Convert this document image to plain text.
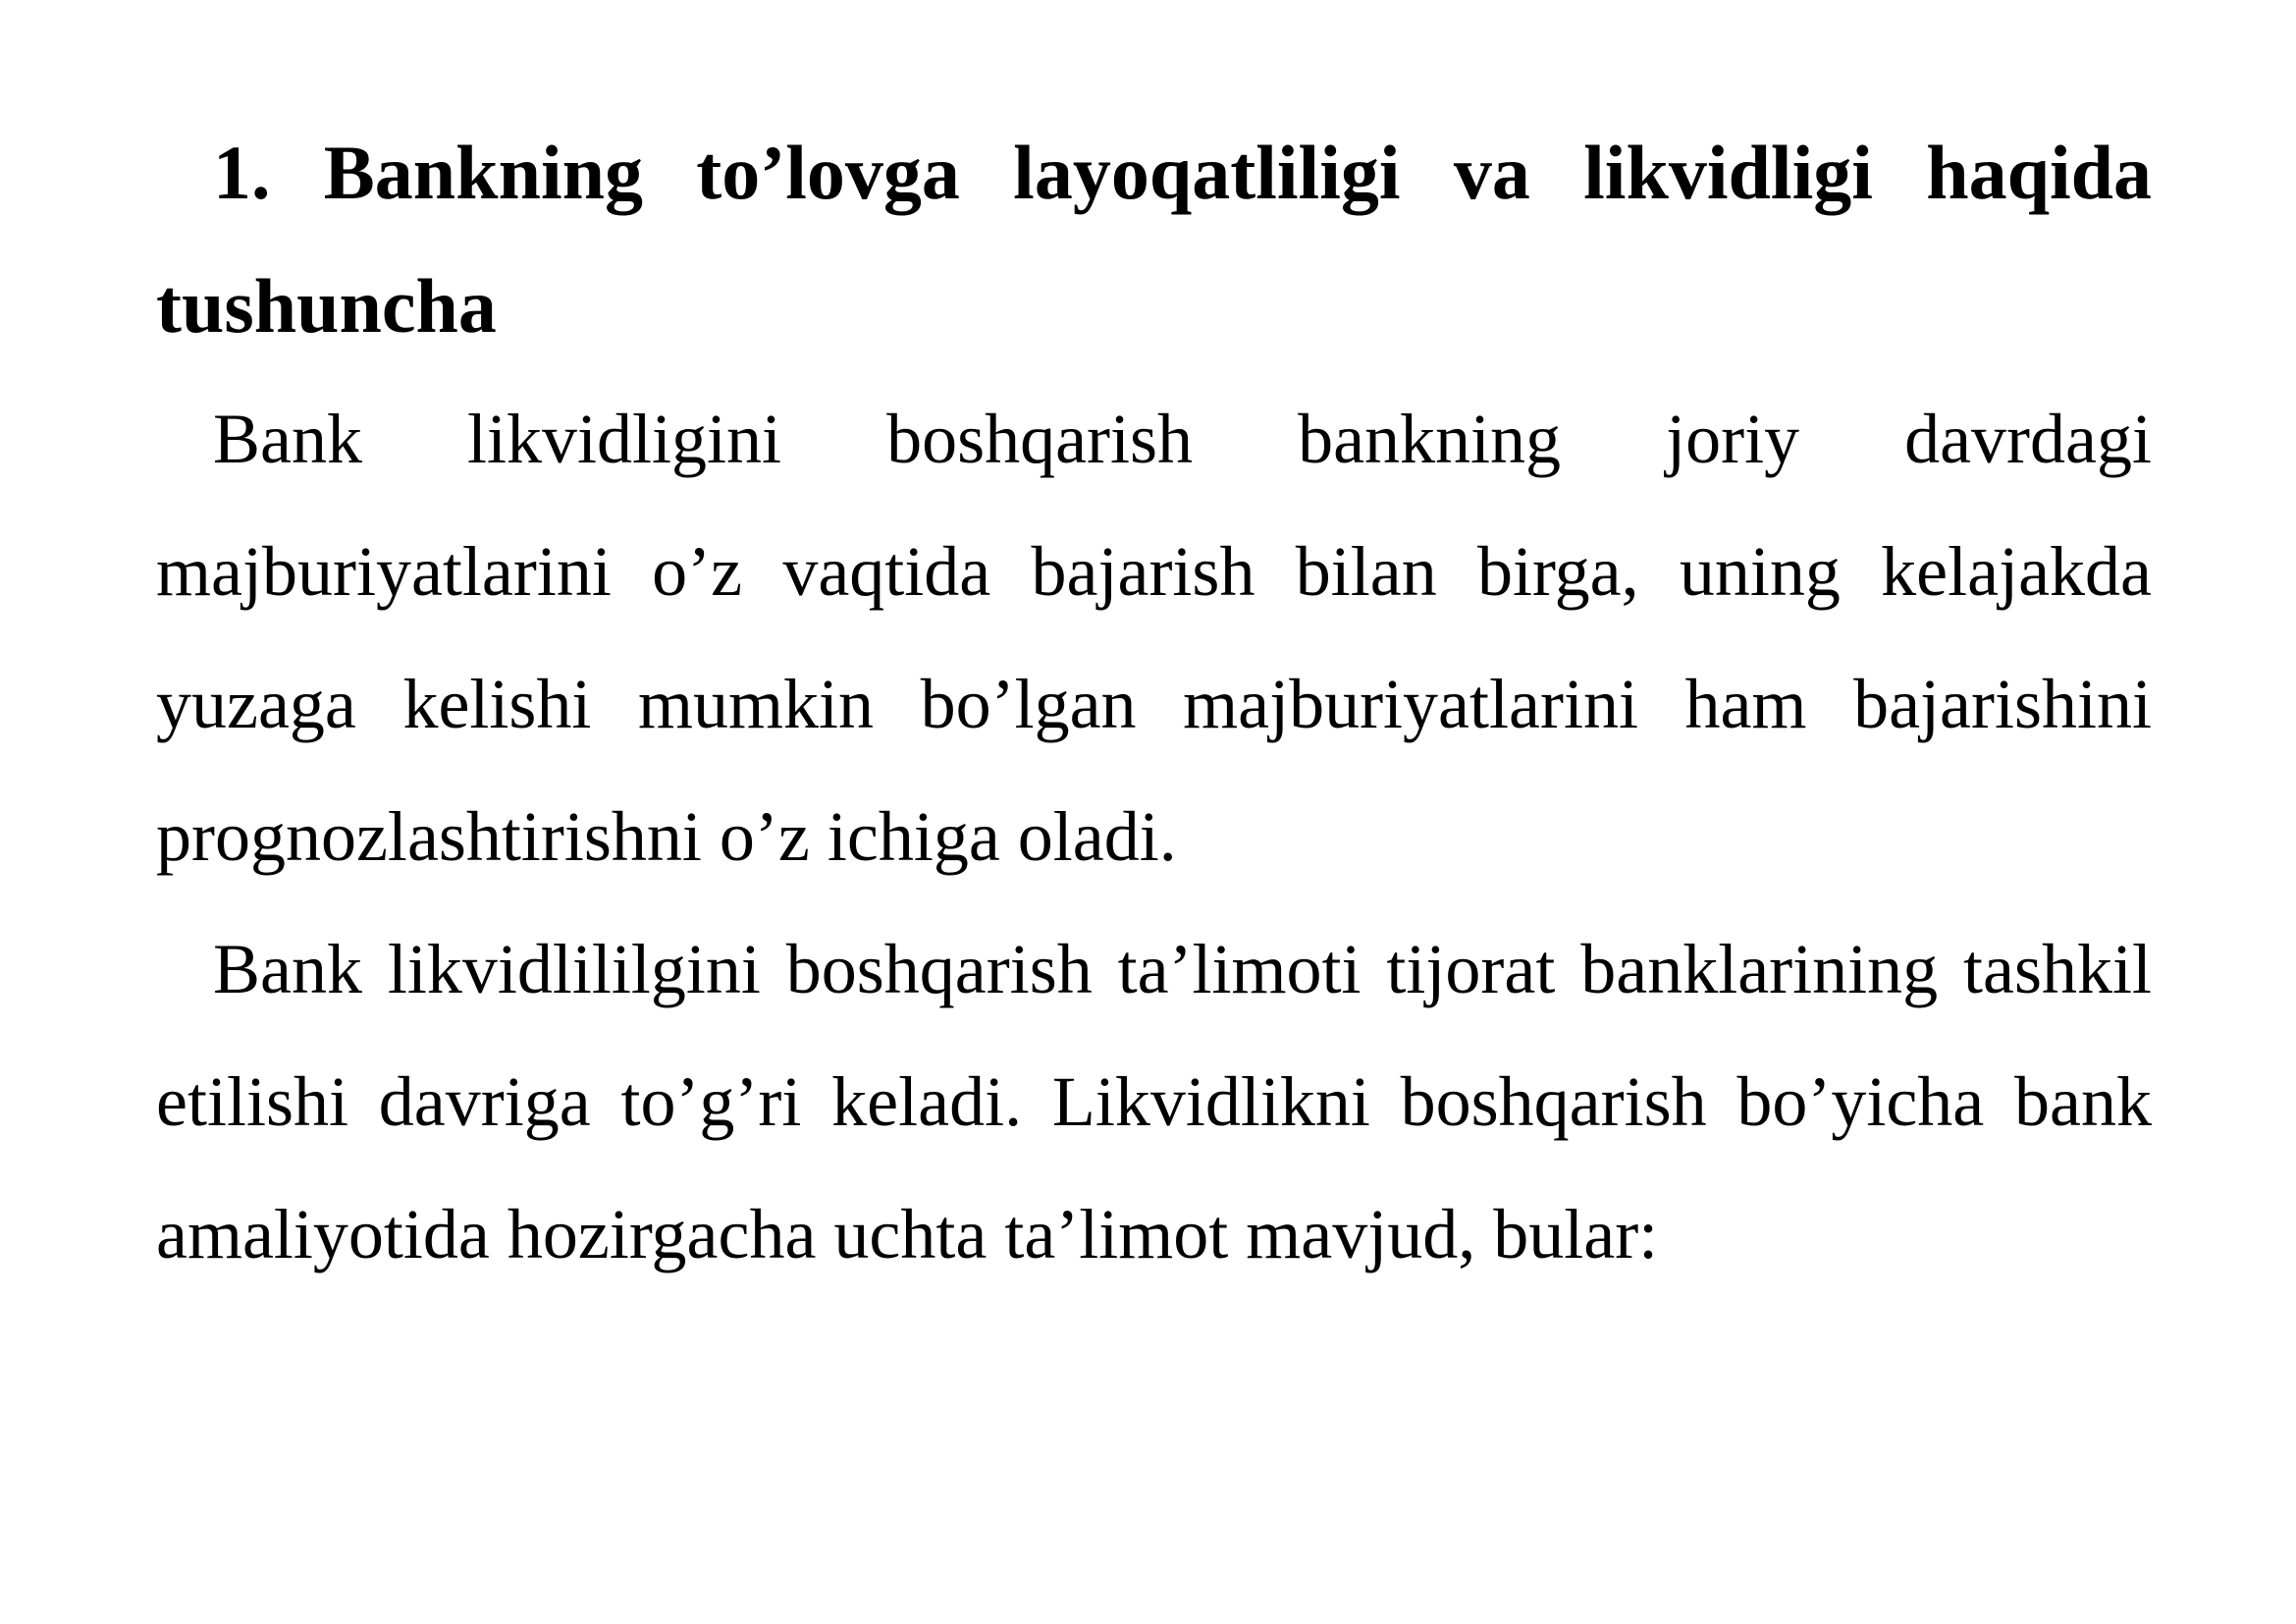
1. Bankning to’lovga layoqatliligi va likvidligi haqida tushuncha

Bank likvidligini boshqarish bankning joriy davrdagi majburiyatlarini o’z vaqtida bajarish bilan birga, uning kelajakda yuzaga kelishi mumkin bo’lgan majburiyatlarini ham bajarishini prognozlashtirishni o’z ichiga oladi.

Bank likvidlililgini boshqarish ta’limoti tijorat banklarining tashkil etilishi davriga to’g’ri keladi. Likvidlikni boshqarish bo’yicha bank amaliyotida hozirgacha uchta ta’limot mavjud, bular:
